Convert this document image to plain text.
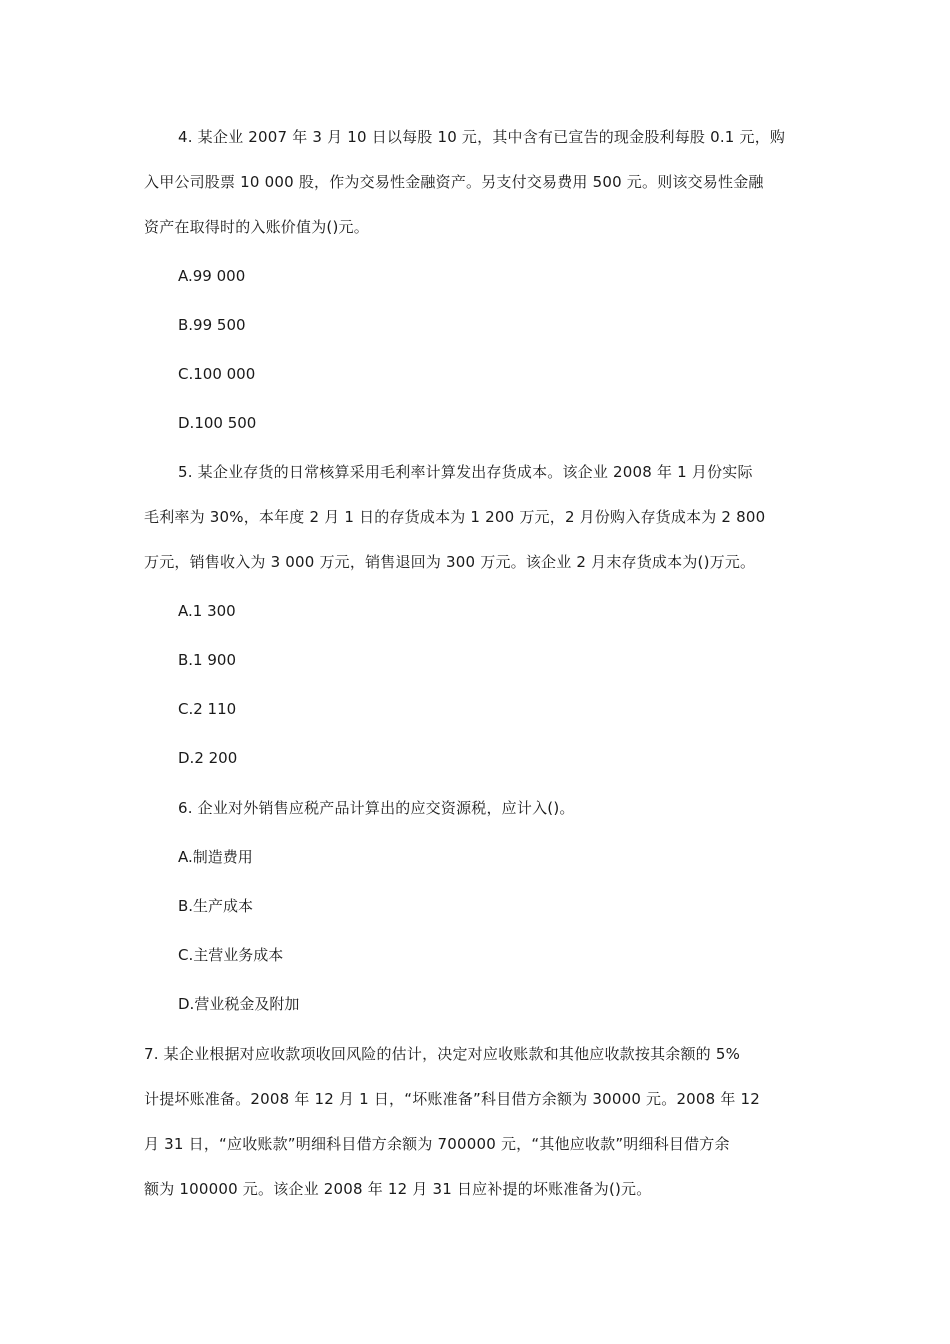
4. 某企业 2007 年 3 月 10 日以每股 10 元，其中含有已宣告的现金股利每股 0.1 元，购
入甲公司股票 10 000 股，作为交易性金融资产。另支付交易费用 500 元。则该交易性金融
资产在取得时的入账价值为()元。
A.99 000
B.99 500
C.100 000
D.100 500
5. 某企业存货的日常核算采用毛利率计算发出存货成本。该企业 2008 年 1 月份实际
毛利率为 30%，本年度 2 月 1 日的存货成本为 1 200 万元，2 月份购入存货成本为 2 800
万元，销售收入为 3 000 万元，销售退回为 300 万元。该企业 2 月末存货成本为()万元。
A.1 300
B.1 900
C.2 110
D.2 200
6. 企业对外销售应税产品计算出的应交资源税，应计入()。
A.制造费用
B.生产成本
C.主营业务成本
D.营业税金及附加
7. 某企业根据对应收款项收回风险的估计，决定对应收账款和其他应收款按其余额的 5%
计提坏账准备。2008 年 12 月 1 日，“坏账准备”科目借方余额为 30000 元。2008 年 12
月 31 日，“应收账款”明细科目借方余额为 700000 元，“其他应收款”明细科目借方余
额为 100000 元。该企业 2008 年 12 月 31 日应补提的坏账准备为()元。
